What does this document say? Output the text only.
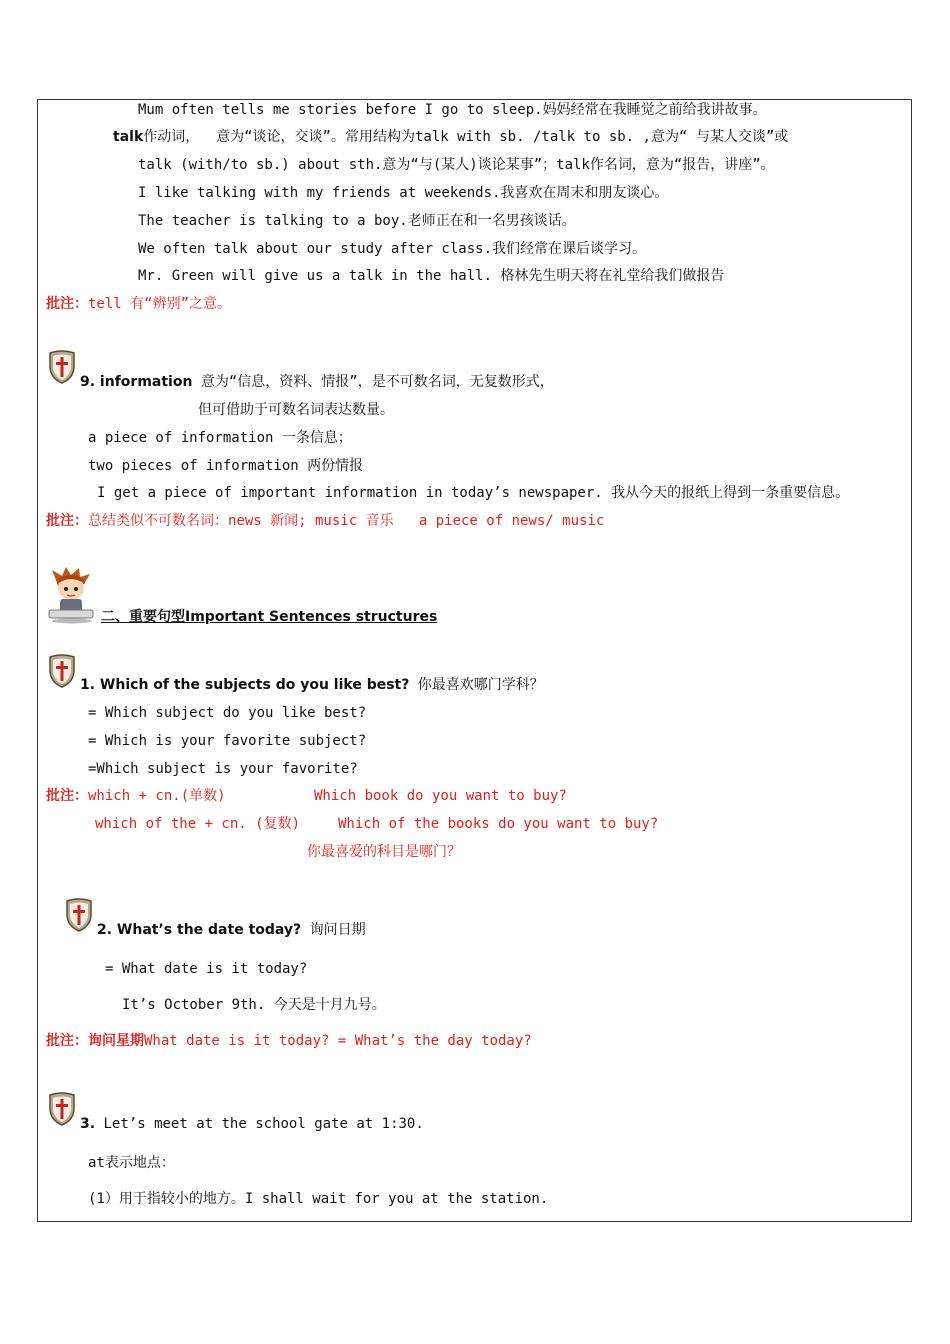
Mum often tells me stories before I go to sleep.妈妈经常在我睡觉之前给我讲故事。
talk作动词，  意为“谈论，交谈”。常用结构为talk with sb. /talk to sb. ,意为“ 与某人交谈”或
talk (with/to sb.) about sth.意为“与(某人)谈论某事”；talk作名词，意为“报告，讲座”。
I like talking with my friends at weekends.我喜欢在周末和朋友谈心。
The teacher is talking to a boy.老师正在和一名男孩谈话。
We often talk about our study after class.我们经常在课后谈学习。
Mr. Green will give us a talk in the hall. 格林先生明天将在礼堂给我们做报告
批注：tell 有“辨别”之意。
9. information 意为“信息，资料、情报”，是不可数名词，无复数形式，
但可借助于可数名词表达数量。
a piece of information 一条信息；
two pieces of information 两份情报
I get a piece of important information in today’s newspaper. 我从今天的报纸上得到一条重要信息。
批注：总结类似不可数名词：news 新闻; music 音乐   a piece of news/ music
二、重要句型Important Sentences structures
1. Which of the subjects do you like best? 你最喜欢哪门学科？
= Which subject do you like best?
= Which is your favorite subject?
=Which subject is your favorite?
批注：which + cn.(单数)	Which book do you want to buy?
which of the + cn. (复数)	Which of the books do you want to buy?
你最喜爱的科目是哪门？
2. What’s the date today? 询问日期
= What date is it today?
It’s October 9th. 今天是十月九号。
批注：询问星期What date is it today? = What’s the day today?
3. Let’s meet at the school gate at 1:30.
at表示地点：
(1）用于指较小的地方。I shall wait for you at the station.
